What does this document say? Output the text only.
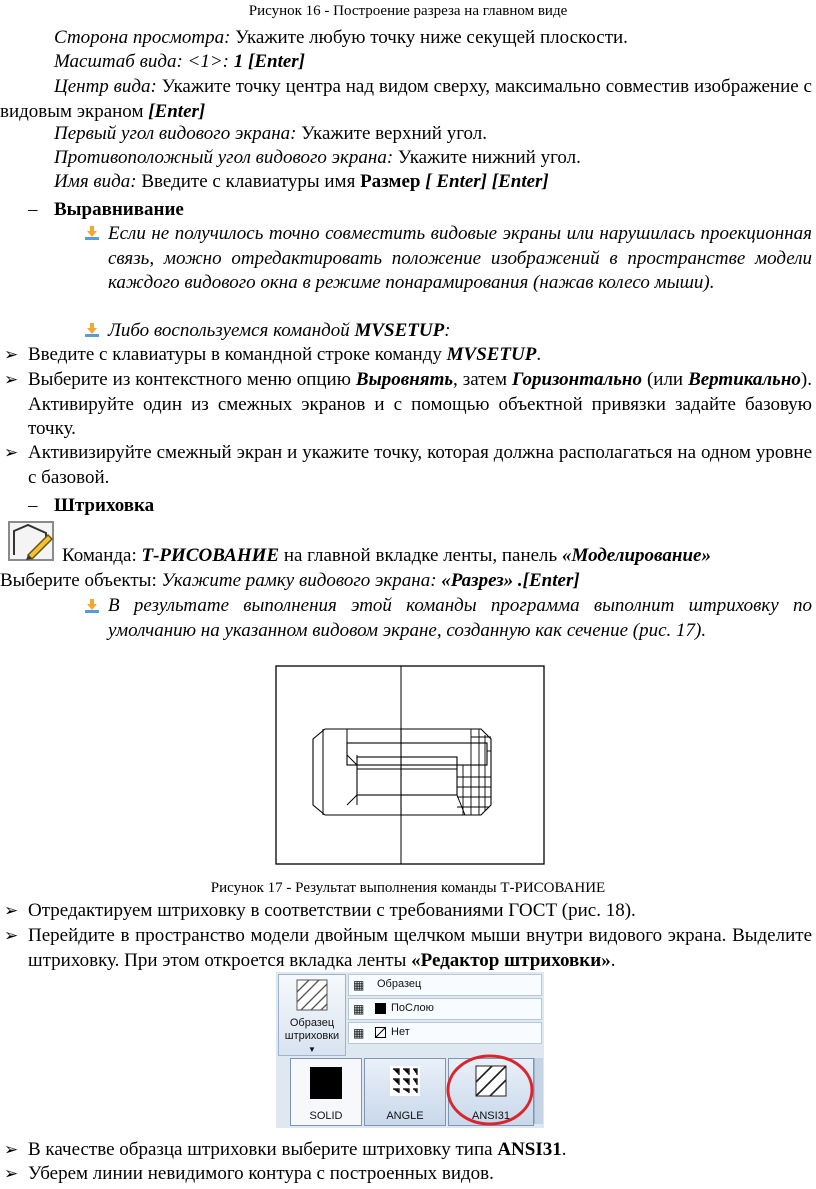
Рисунок 16 - Построение разреза на главном виде
Сторона просмотра: Укажите любую точку ниже секущей плоскости.
Масштаб вида: <1>: 1 [Enter]
Центр вида: Укажите точку центра над видом сверху, максимально совместив изображение с видовым экраном [Enter]
Первый угол видового экрана: Укажите верхний угол.
Противоположный угол видового экрана: Укажите нижний угол.
Имя вида: Введите с клавиатуры имя Размер [ Enter] [Enter]
– Выравнивание
Если не получилось точно совместить видовые экраны или нарушилась проекционная связь, можно отредактировать положение изображений в пространстве модели каждого видового окна в режиме понарамирования (нажав колесо мыши).
Либо воспользуемся командой MVSETUP:
➢ Введите с клавиатуры в командной строке команду MVSETUP.
➢ Выберите из контекстного меню опцию Выровнять, затем Горизонтально (или Вертикально). Активируйте один из смежных экранов и с помощью объектной привязки задайте базовую точку.
➢ Активизируйте смежный экран и укажите точку, которая должна располагаться на одном уровне с базовой.
– Штриховка
Команда: Т-РИСОВАНИЕ на главной вкладке ленты, панель «Моделирование»
Выберите объекты: Укажите рамку видового экрана: «Разрез» .[Enter]
В результате выполнения этой команды программа выполнит штриховку по умолчанию на указанном видовом экране, созданную как сечение (рис. 17).
Рисунок 17 - Результат выполнения команды Т-РИСОВАНИЕ
➢ Отредактируем штриховку в соответствии с требованиями ГОСТ (рис. 18).
➢ Перейдите в пространство модели двойным щелчком мыши внутри видового экрана. Выделите штриховку. При этом откроется вкладка ленты «Редактор штриховки».
Образец
штриховки
▼
▦ Образец
▦ ПоСлою
▦ Нет
SOLID	ANGLE	ANSI31
➢ В качестве образца штриховки выберите штриховку типа ANSI31.
➢ Уберем линии невидимого контура с построенных видов.
